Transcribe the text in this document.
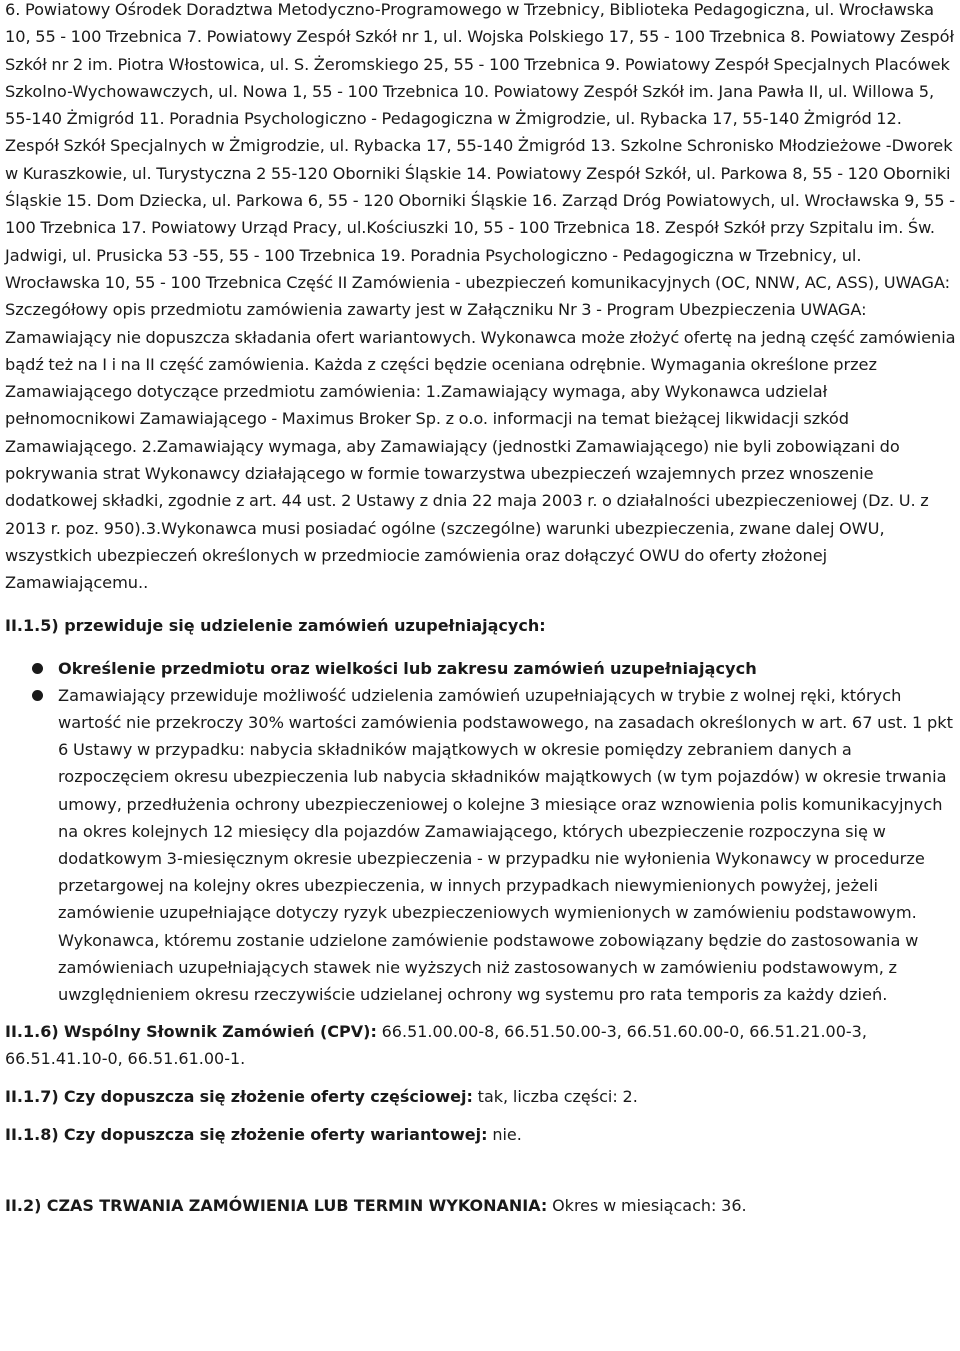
6. Powiatowy Ośrodek Doradztwa Metodyczno-Programowego w Trzebnicy, Biblioteka Pedagogiczna, ul. Wrocławska 10, 55 - 100 Trzebnica 7. Powiatowy Zespół Szkół nr 1, ul. Wojska Polskiego 17, 55 - 100 Trzebnica 8. Powiatowy Zespół Szkół nr 2 im. Piotra Włostowica, ul. S. Żeromskiego 25, 55 - 100 Trzebnica 9. Powiatowy Zespół Specjalnych Placówek Szkolno-Wychowawczych, ul. Nowa 1, 55 - 100 Trzebnica 10. Powiatowy Zespół Szkół im. Jana Pawła II, ul. Willowa 5, 55-140 Żmigród 11. Poradnia Psychologiczno - Pedagogiczna w Żmigrodzie, ul. Rybacka 17, 55-140 Żmigród 12. Zespół Szkół Specjalnych w Żmigrodzie, ul. Rybacka 17, 55-140 Żmigród 13. Szkolne Schronisko Młodzieżowe -Dworek w Kuraszkowie, ul. Turystyczna 2 55-120 Oborniki Śląskie 14. Powiatowy Zespół Szkół, ul. Parkowa 8, 55 - 120 Oborniki Śląskie 15. Dom Dziecka, ul. Parkowa 6, 55 - 120 Oborniki Śląskie 16. Zarząd Dróg Powiatowych, ul. Wrocławska 9, 55 - 100 Trzebnica 17. Powiatowy Urząd Pracy, ul.Kościuszki 10, 55 - 100 Trzebnica 18. Zespół Szkół przy Szpitalu im. Św. Jadwigi, ul. Prusicka 53 -55, 55 - 100 Trzebnica 19. Poradnia Psychologiczno - Pedagogiczna w Trzebnicy, ul. Wrocławska 10, 55 - 100 Trzebnica Część II Zamówienia - ubezpieczeń komunikacyjnych (OC, NNW, AC, ASS), UWAGA: Szczegółowy opis przedmiotu zamówienia zawarty jest w Załączniku Nr 3 - Program Ubezpieczenia UWAGA: Zamawiający nie dopuszcza składania ofert wariantowych. Wykonawca może złożyć ofertę na jedną część zamówienia bądź też na I i na II część zamówienia. Każda z części będzie oceniana odrębnie. Wymagania określone przez Zamawiającego dotyczące przedmiotu zamówienia: 1.Zamawiający wymaga, aby Wykonawca udzielał pełnomocnikowi Zamawiającego - Maximus Broker Sp. z o.o. informacji na temat bieżącej likwidacji szkód Zamawiającego. 2.Zamawiający wymaga, aby Zamawiający (jednostki Zamawiającego) nie byli zobowiązani do pokrywania strat Wykonawcy działającego w formie towarzystwa ubezpieczeń wzajemnych przez wnoszenie dodatkowej składki, zgodnie z art. 44 ust. 2 Ustawy z dnia 22 maja 2003 r. o działalności ubezpieczeniowej (Dz. U. z 2013 r. poz. 950).3.Wykonawca musi posiadać ogólne (szczególne) warunki ubezpieczenia, zwane dalej OWU, wszystkich ubezpieczeń określonych w przedmiocie zamówienia oraz dołączyć OWU do oferty złożonej Zamawiającemu..

II.1.5) przewiduje się udzielenie zamówień uzupełniających:

Określenie przedmiotu oraz wielkości lub zakresu zamówień uzupełniających
Zamawiający przewiduje możliwość udzielenia zamówień uzupełniających w trybie z wolnej ręki, których wartość nie przekroczy 30% wartości zamówienia podstawowego, na zasadach określonych w art. 67 ust. 1 pkt 6 Ustawy w przypadku: nabycia składników majątkowych w okresie pomiędzy zebraniem danych a rozpoczęciem okresu ubezpieczenia lub nabycia składników majątkowych (w tym pojazdów) w okresie trwania umowy, przedłużenia ochrony ubezpieczeniowej o kolejne 3 miesiące oraz wznowienia polis komunikacyjnych na okres kolejnych 12 miesięcy dla pojazdów Zamawiającego, których ubezpieczenie rozpoczyna się w dodatkowym 3-miesięcznym okresie ubezpieczenia - w przypadku nie wyłonienia Wykonawcy w procedurze przetargowej na kolejny okres ubezpieczenia, w innych przypadkach niewymienionych powyżej, jeżeli zamówienie uzupełniające dotyczy ryzyk ubezpieczeniowych wymienionych w zamówieniu podstawowym. Wykonawca, któremu zostanie udzielone zamówienie podstawowe zobowiązany będzie do zastosowania w zamówieniach uzupełniających stawek nie wyższych niż zastosowanych w zamówieniu podstawowym, z uwzględnieniem okresu rzeczywiście udzielanej ochrony wg systemu pro rata temporis za każdy dzień.

II.1.6) Wspólny Słownik Zamówień (CPV): 66.51.00.00-8, 66.51.50.00-3, 66.51.60.00-0, 66.51.21.00-3, 66.51.41.10-0, 66.51.61.00-1.

II.1.7) Czy dopuszcza się złożenie oferty częściowej: tak, liczba części: 2.

II.1.8) Czy dopuszcza się złożenie oferty wariantowej: nie.

II.2) CZAS TRWANIA ZAMÓWIENIA LUB TERMIN WYKONANIA: Okres w miesiącach: 36.
